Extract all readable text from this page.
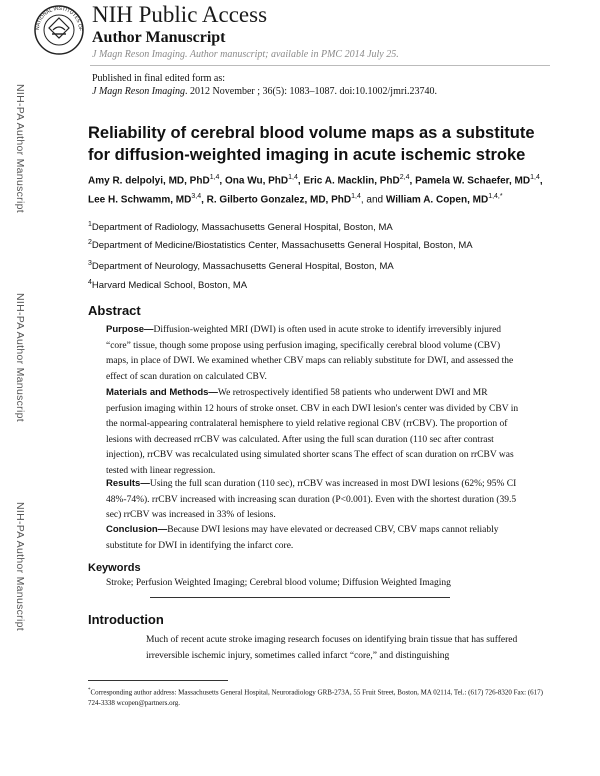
NATIONAL INSTITUTES OF
NIH Public Access
Author Manuscript
J Magn Reson Imaging. Author manuscript; available in PMC 2014 July 25.
Published in final edited form as:
J Magn Reson Imaging. 2012 November ; 36(5): 1083–1087. doi:10.1002/jmri.23740.
NIH-PA Author Manuscript
NIH-PA Author Manuscript
NIH-PA Author Manuscript
Reliability of cerebral blood volume maps as a substitute for diffusion-weighted imaging in acute ischemic stroke
Amy R. delpolyi, MD, PhD$^{1,4}$, Ona Wu, PhD$^{1,4}$, Eric A. Macklin, PhD$^{2,4}$, Pamela W. Schaefer, MD$^{1,4}$, Lee H. Schwamm, MD$^{3,4}$, R. Gilberto Gonzalez, MD, PhD$^{1,4}$, and William A. Copen, $MD^{1,4,*}$
$^1$Department of Radiology, Massachusetts General Hospital, Boston, MA
$^2$Department of Medicine/Biostatistics Center, Massachusetts General Hospital, Boston, MA
$^3$Department of Neurology, Massachusetts General Hospital, Boston, MA
$^4$Harvard Medical School, Boston, MA
Abstract
Purpose—Diffusion-weighted MRI (DWI) is often used in acute stroke to identify irreversibly injured “core” tissue, though some propose using perfusion imaging, specifically cerebral blood volume (CBV) maps, in place of DWI. We examined whether CBV maps can reliably substitute for DWI, and assessed the effect of scan duration on calculated CBV.
Materials and Methods—We retrospectively identified 58 patients who underwent DWI and MR perfusion imaging within 12 hours of stroke onset. CBV in each DWI lesion's center was divided by CBV in the normal-appearing contralateral hemisphere to yield relative regional CBV (rrCBV). The proportion of lesions with decreased rrCBV was calculated. After using the full scan duration (110 sec after contrast injection), rrCBV was recalculated using simulated shorter scans The effect of scan duration on rrCBV was tested with linear regression.
Results—Using the full scan duration (110 sec), rrCBV was increased in most DWI lesions (62%; 95% CI 48%-74%). rrCBV increased with increasing scan duration (P<0.001). Even with the shortest duration (39.5 sec) rrCBV was increased in 33% of lesions.
Conclusion—Because DWI lesions may have elevated or decreased CBV, CBV maps cannot reliably substitute for DWI in identifying the infarct core.
Keywords
Stroke; Perfusion Weighted Imaging; Cerebral blood volume; Diffusion Weighted Imaging
Introduction
Much of recent acute stroke imaging research focuses on identifying brain tissue that has suffered irreversible ischemic injury, sometimes called infarct “core,” and distinguishing
*Corresponding author address: Massachusetts General Hospital, Neuroradiology GRB-273A, 55 Fruit Street, Boston, MA 02114, Tel.: (617) 726-8320 Fax: (617) 724-3338 wcopen@partners.org.
